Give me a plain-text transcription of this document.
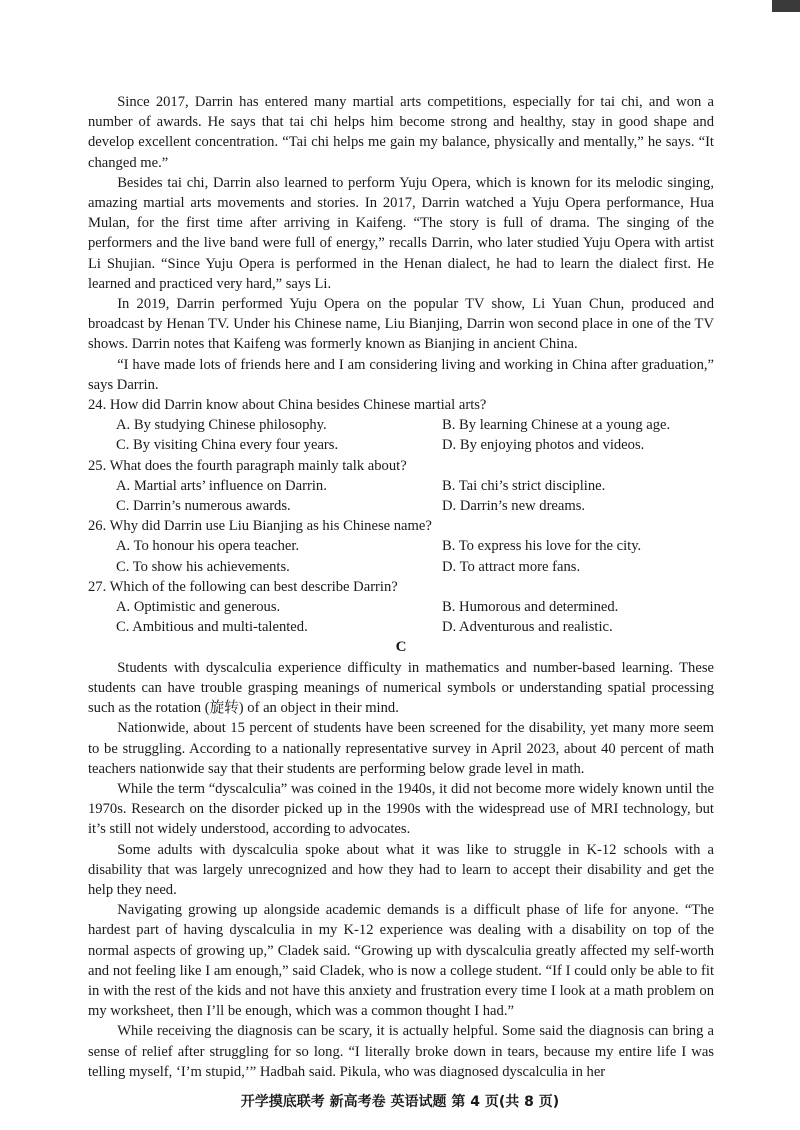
Since 2017, Darrin has entered many martial arts competitions, especially for tai chi, and won a number of awards. He says that tai chi helps him become strong and healthy, stay in good shape and develop excellent concentration. “Tai chi helps me gain my balance, physically and mentally,” he says. “It changed me.”

Besides tai chi, Darrin also learned to perform Yuju Opera, which is known for its melodic singing, amazing martial arts movements and stories. In 2017, Darrin watched a Yuju Opera performance, Hua Mulan, for the first time after arriving in Kaifeng. “The story is full of drama. The singing of the performers and the live band were full of energy,” recalls Darrin, who later studied Yuju Opera with artist Li Shujian. “Since Yuju Opera is performed in the Henan dialect, he had to learn the dialect first. He learned and practiced very hard,” says Li.

In 2019, Darrin performed Yuju Opera on the popular TV show, Li Yuan Chun, produced and broadcast by Henan TV. Under his Chinese name, Liu Bianjing, Darrin won second place in one of the TV shows. Darrin notes that Kaifeng was formerly known as Bianjing in ancient China.

“I have made lots of friends here and I am considering living and working in China after graduation,” says Darrin.

24. How did Darrin know about China besides Chinese martial arts?

A. By studying Chinese philosophy.	B. By learning Chinese at a young age.
C. By visiting China every four years.	D. By enjoying photos and videos.

25. What does the fourth paragraph mainly talk about?

A. Martial arts’ influence on Darrin.	B. Tai chi’s strict discipline.
C. Darrin’s numerous awards.	D. Darrin’s new dreams.

26. Why did Darrin use Liu Bianjing as his Chinese name?

A. To honour his opera teacher.	B. To express his love for the city.
C. To show his achievements.	D. To attract more fans.

27. Which of the following can best describe Darrin?

A. Optimistic and generous.	B. Humorous and determined.
C. Ambitious and multi-talented.	D. Adventurous and realistic.

C

Students with dyscalculia experience difficulty in mathematics and number-based learning. These students can have trouble grasping meanings of numerical symbols or understanding spatial processing such as the rotation (旋转) of an object in their mind.

Nationwide, about 15 percent of students have been screened for the disability, yet many more seem to be struggling. According to a nationally representative survey in April 2023, about 40 percent of math teachers nationwide say that their students are performing below grade level in math.

While the term “dyscalculia” was coined in the 1940s, it did not become more widely known until the 1970s. Research on the disorder picked up in the 1990s with the widespread use of MRI technology, but it’s still not widely understood, according to advocates.

Some adults with dyscalculia spoke about what it was like to struggle in K-12 schools with a disability that was largely unrecognized and how they had to learn to accept their disability and get the help they need.

Navigating growing up alongside academic demands is a difficult phase of life for anyone. “The hardest part of having dyscalculia in my K-12 experience was dealing with a disability on top of the normal aspects of growing up,” Cladek said. “Growing up with dyscalculia greatly affected my self-worth and not feeling like I am enough,” said Cladek, who is now a college student. “If I could only be able to fit in with the rest of the kids and not have this anxiety and frustration every time I look at a math problem on my worksheet, then I’ll be enough, which was a common thought I had.”

While receiving the diagnosis can be scary, it is actually helpful. Some said the diagnosis can bring a sense of relief after struggling for so long. “I literally broke down in tears, because my entire life I was telling myself, ‘I’m stupid,’” Hadbah said. Pikula, who was diagnosed dyscalculia in her

开学摸底联考 新高考卷 英语试题 第 4 页(共 8 页)
